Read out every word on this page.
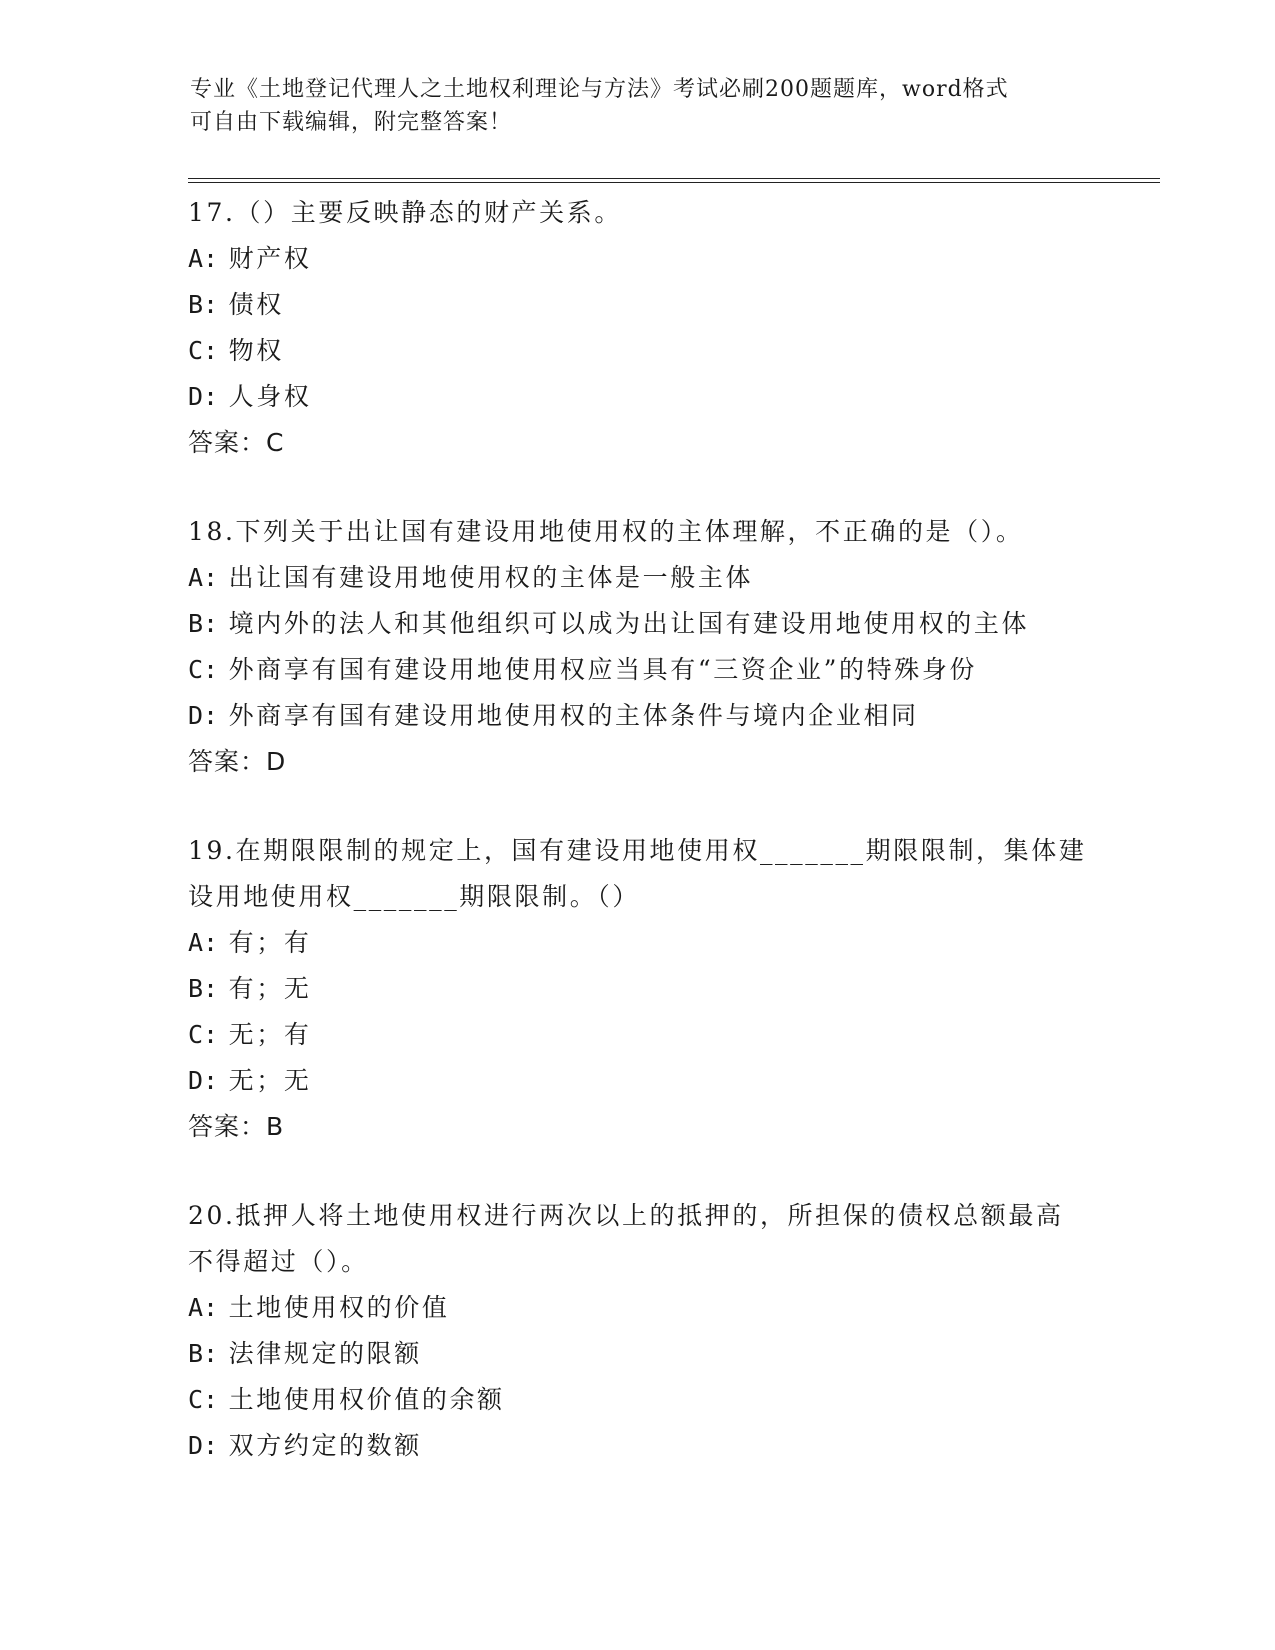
专业《土地登记代理人之土地权利理论与方法》考试必刷200题题库，word格式
可自由下载编辑，附完整答案！

17.（）主要反映静态的财产关系。

A: 财产权

B: 债权

C: 物权

D: 人身权

答案：C

18.下列关于出让国有建设用地使用权的主体理解，不正确的是（）。

A: 出让国有建设用地使用权的主体是一般主体

B: 境内外的法人和其他组织可以成为出让国有建设用地使用权的主体

C: 外商享有国有建设用地使用权应当具有“三资企业”的特殊身份

D: 外商享有国有建设用地使用权的主体条件与境内企业相同

答案：D

19.在期限限制的规定上，国有建设用地使用权_______期限限制，集体建设用地使用权_______期限限制。（）

A: 有；有

B: 有；无

C: 无；有

D: 无；无

答案：B

20.抵押人将土地使用权进行两次以上的抵押的，所担保的债权总额最高不得超过（）。

A: 土地使用权的价值

B: 法律规定的限额

C: 土地使用权价值的余额

D: 双方约定的数额
